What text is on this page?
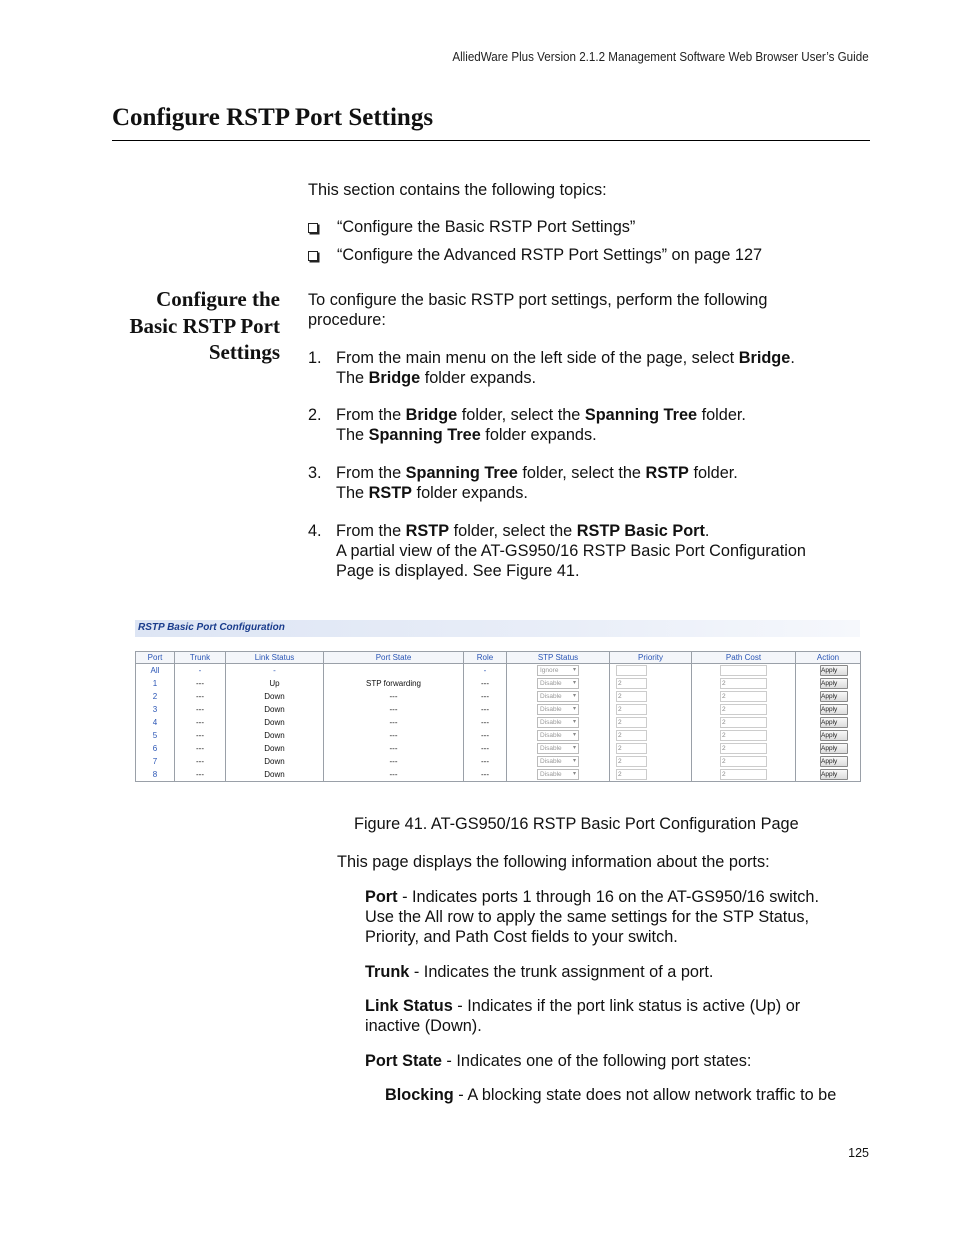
AlliedWare Plus Version 2.1.2 Management Software Web Browser User’s Guide
Configure RSTP Port Settings
This section contains the following topics:
“Configure the Basic RSTP Port Settings”
“Configure the Advanced RSTP Port Settings” on page 127
Configure the
Basic RSTP Port
Settings
To configure the basic RSTP port settings, perform the following
procedure:
1. From the main menu on the left side of the page, select Bridge.
The Bridge folder expands.
2. From the Bridge folder, select the Spanning Tree folder.
The Spanning Tree folder expands.
3. From the Spanning Tree folder, select the RSTP folder.
The RSTP folder expands.
4. From the RSTP folder, select the RSTP Basic Port.
A partial view of the AT-GS950/16 RSTP Basic Port Configuration
Page is displayed. See Figure 41.
RSTP Basic Port Configuration
Port	Trunk	Link Status	Port State	Role	STP Status	Priority	Path Cost	Action
All	-	-		-	Ignore ▾			Apply
1	---	Up	STP forwarding	---	Disable ▾	2	2	Apply
2	---	Down	---	---	Disable ▾	2	2	Apply
3	---	Down	---	---	Disable ▾	2	2	Apply
4	---	Down	---	---	Disable ▾	2	2	Apply
5	---	Down	---	---	Disable ▾	2	2	Apply
6	---	Down	---	---	Disable ▾	2	2	Apply
7	---	Down	---	---	Disable ▾	2	2	Apply
8	---	Down	---	---	Disable ▾	2	2	Apply
Figure 41. AT-GS950/16 RSTP Basic Port Configuration Page
This page displays the following information about the ports:
Port - Indicates ports 1 through 16 on the AT-GS950/16 switch.
Use the All row to apply the same settings for the STP Status,
Priority, and Path Cost fields to your switch.
Trunk - Indicates the trunk assignment of a port.
Link Status - Indicates if the port link status is active (Up) or
inactive (Down).
Port State - Indicates one of the following port states:
Blocking - A blocking state does not allow network traffic to be
125
